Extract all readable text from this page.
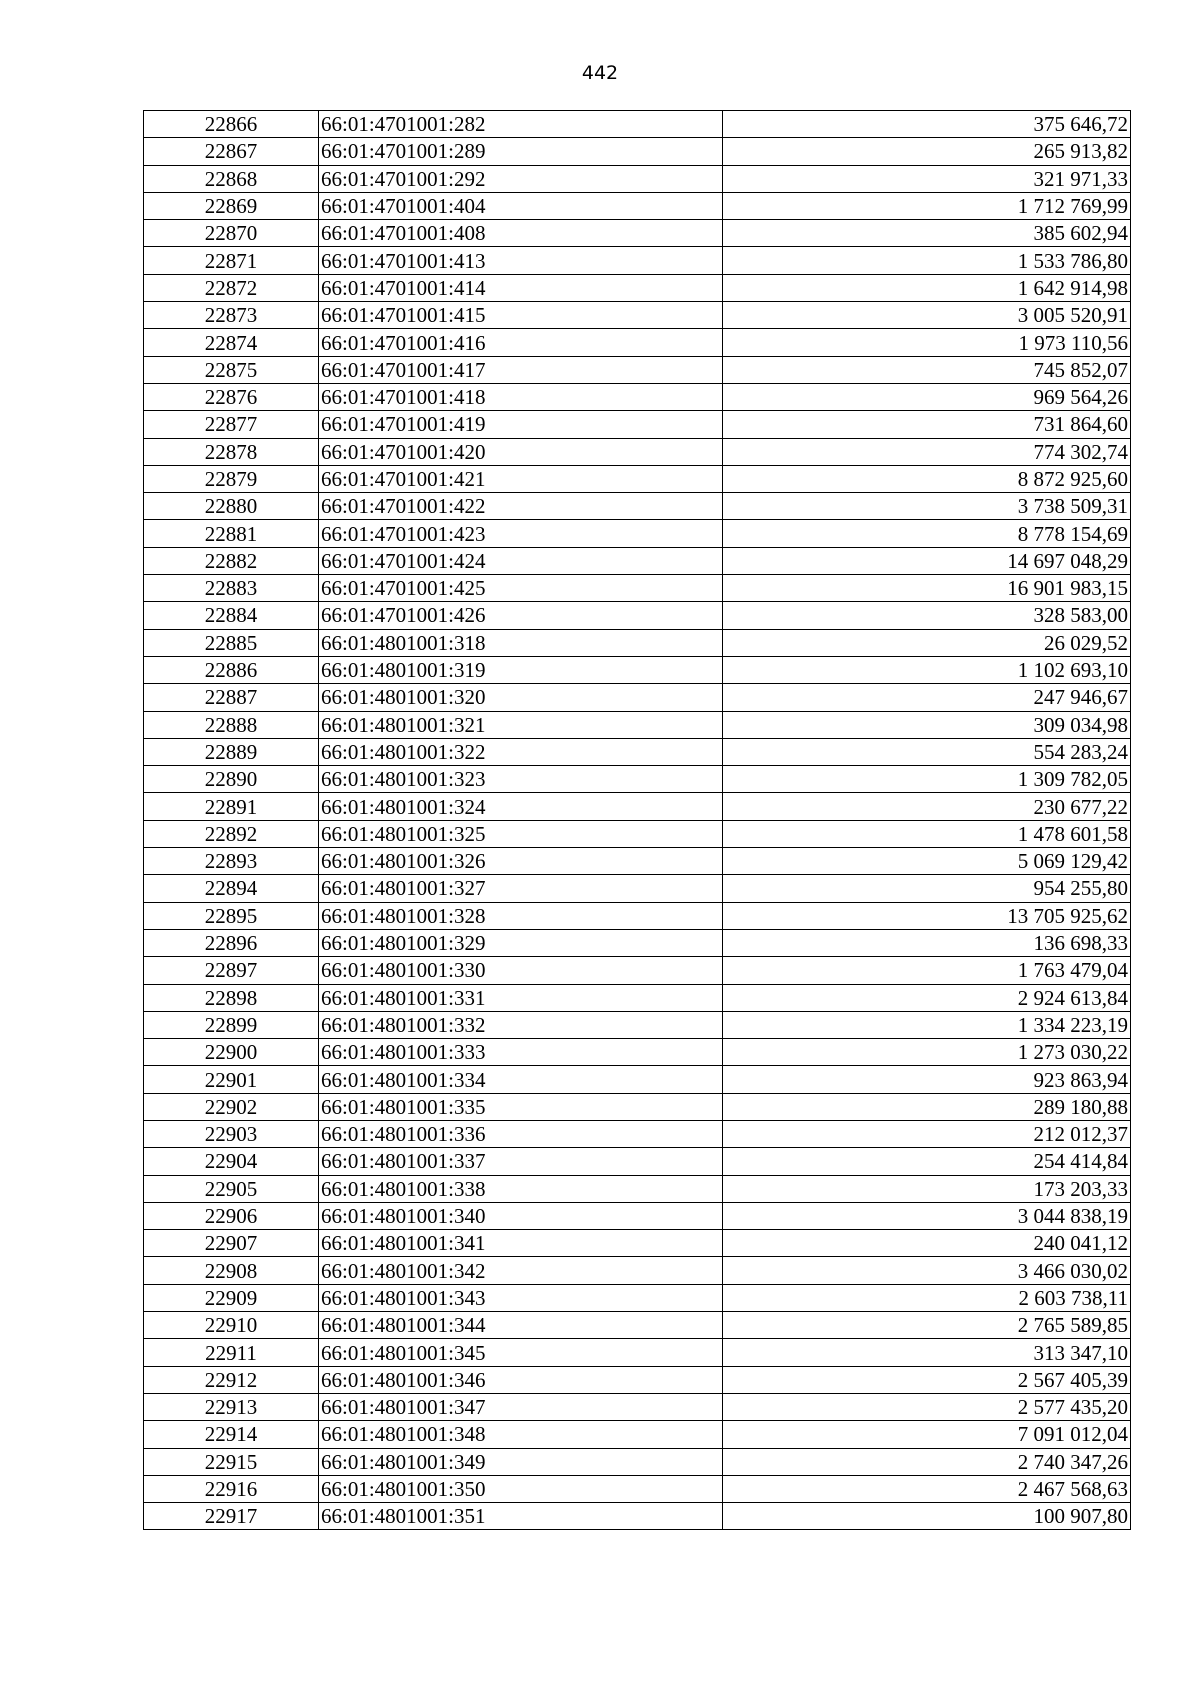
442
22866	66:01:4701001:282	375 646,72
22867	66:01:4701001:289	265 913,82
22868	66:01:4701001:292	321 971,33
22869	66:01:4701001:404	1 712 769,99
22870	66:01:4701001:408	385 602,94
22871	66:01:4701001:413	1 533 786,80
22872	66:01:4701001:414	1 642 914,98
22873	66:01:4701001:415	3 005 520,91
22874	66:01:4701001:416	1 973 110,56
22875	66:01:4701001:417	745 852,07
22876	66:01:4701001:418	969 564,26
22877	66:01:4701001:419	731 864,60
22878	66:01:4701001:420	774 302,74
22879	66:01:4701001:421	8 872 925,60
22880	66:01:4701001:422	3 738 509,31
22881	66:01:4701001:423	8 778 154,69
22882	66:01:4701001:424	14 697 048,29
22883	66:01:4701001:425	16 901 983,15
22884	66:01:4701001:426	328 583,00
22885	66:01:4801001:318	26 029,52
22886	66:01:4801001:319	1 102 693,10
22887	66:01:4801001:320	247 946,67
22888	66:01:4801001:321	309 034,98
22889	66:01:4801001:322	554 283,24
22890	66:01:4801001:323	1 309 782,05
22891	66:01:4801001:324	230 677,22
22892	66:01:4801001:325	1 478 601,58
22893	66:01:4801001:326	5 069 129,42
22894	66:01:4801001:327	954 255,80
22895	66:01:4801001:328	13 705 925,62
22896	66:01:4801001:329	136 698,33
22897	66:01:4801001:330	1 763 479,04
22898	66:01:4801001:331	2 924 613,84
22899	66:01:4801001:332	1 334 223,19
22900	66:01:4801001:333	1 273 030,22
22901	66:01:4801001:334	923 863,94
22902	66:01:4801001:335	289 180,88
22903	66:01:4801001:336	212 012,37
22904	66:01:4801001:337	254 414,84
22905	66:01:4801001:338	173 203,33
22906	66:01:4801001:340	3 044 838,19
22907	66:01:4801001:341	240 041,12
22908	66:01:4801001:342	3 466 030,02
22909	66:01:4801001:343	2 603 738,11
22910	66:01:4801001:344	2 765 589,85
22911	66:01:4801001:345	313 347,10
22912	66:01:4801001:346	2 567 405,39
22913	66:01:4801001:347	2 577 435,20
22914	66:01:4801001:348	7 091 012,04
22915	66:01:4801001:349	2 740 347,26
22916	66:01:4801001:350	2 467 568,63
22917	66:01:4801001:351	100 907,80
